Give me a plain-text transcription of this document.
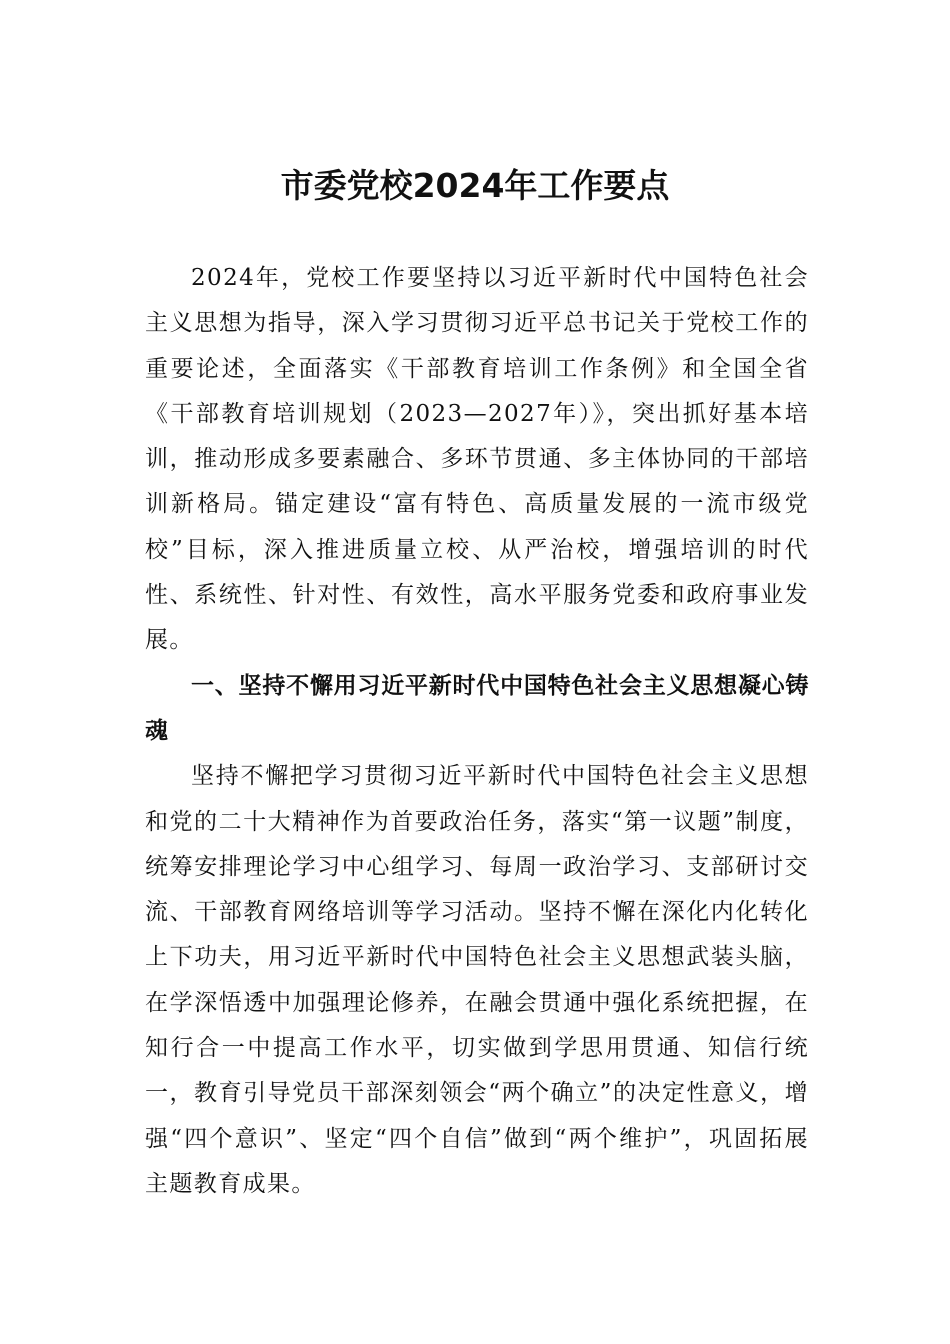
市委党校2024年工作要点

2024年，党校工作要坚持以习近平新时代中国特色社会主义思想为指导，深入学习贯彻习近平总书记关于党校工作的重要论述，全面落实《干部教育培训工作条例》和全国全省《干部教育培训规划（2023—2027年）》，突出抓好基本培训，推动形成多要素融合、多环节贯通、多主体协同的干部培训新格局。锚定建设“富有特色、高质量发展的一流市级党校”目标，深入推进质量立校、从严治校，增强培训的时代性、系统性、针对性、有效性，高水平服务党委和政府事业发展。

一、坚持不懈用习近平新时代中国特色社会主义思想凝心铸魂

坚持不懈把学习贯彻习近平新时代中国特色社会主义思想和党的二十大精神作为首要政治任务，落实“第一议题”制度，统筹安排理论学习中心组学习、每周一政治学习、支部研讨交流、干部教育网络培训等学习活动。坚持不懈在深化内化转化上下功夫，用习近平新时代中国特色社会主义思想武装头脑，在学深悟透中加强理论修养，在融会贯通中强化系统把握，在知行合一中提高工作水平，切实做到学思用贯通、知信行统一，教育引导党员干部深刻领会“两个确立”的决定性意义，增强“四个意识”、坚定“四个自信”做到“两个维护”，巩固拓展主题教育成果。
